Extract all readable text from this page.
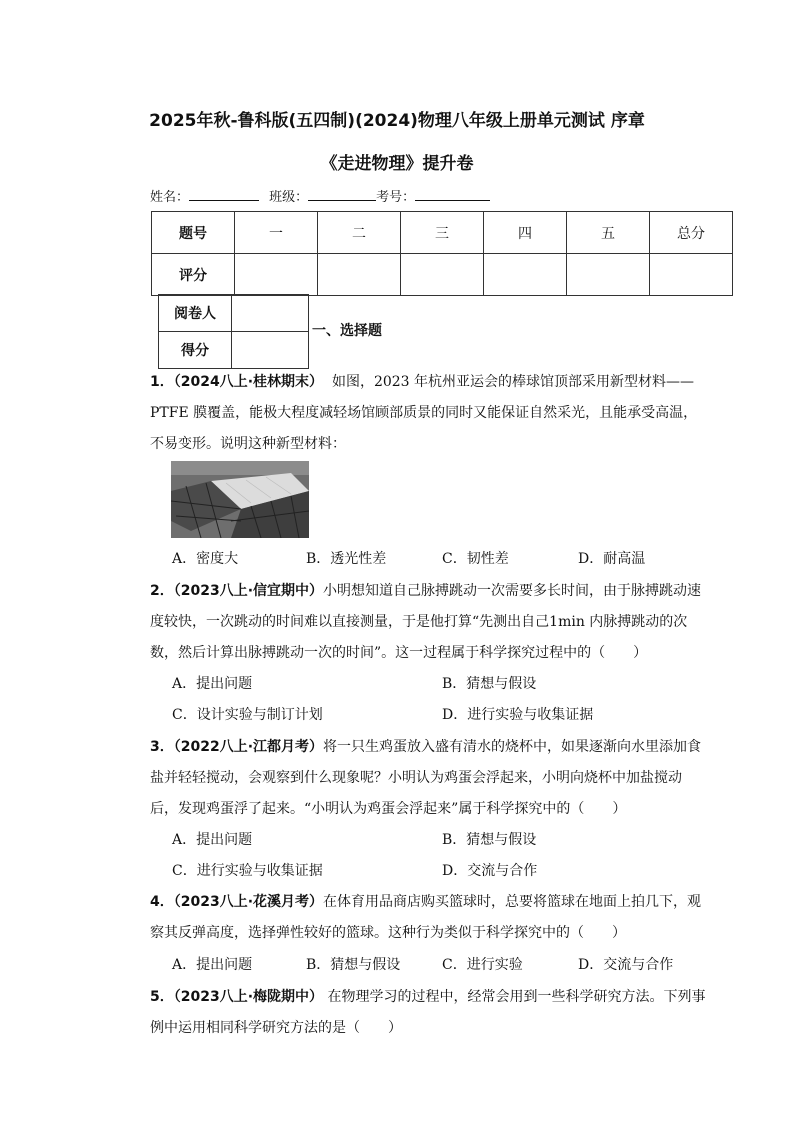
2025年秋-鲁科版(五四制)(2024)物理八年级上册单元测试 序章
《走进物理》提升卷
姓名：	班级：	考号：
题号	一	二	三	四	五	总分
评分						
阅卷人	
得分	
一、选择题
1．（2024八上·桂林期末） 如图，2023 年杭州亚运会的棒球馆顶部采用新型材料——
PTFE 膜覆盖，能极大程度减轻场馆顾部质景的同时又能保证自然采光，且能承受高温，
不易变形。说明这种新型材料：
A．密度大	B．透光性差	C．韧性差	D．耐高温
2．（2023八上·信宜期中）小明想知道自己脉搏跳动一次需要多长时间，由于脉搏跳动速
度较快，一次跳动的时间难以直接测量，于是他打算“先测出自己1min 内脉搏跳动的次
数，然后计算出脉搏跳动一次的时间”。这一过程属于科学探究过程中的（　　）
A．提出问题	B．猜想与假设
C．设计实验与制订计划	D．进行实验与收集证据
3．（2022八上·江都月考）将一只生鸡蛋放入盛有清水的烧杯中，如果逐渐向水里添加食
盐并轻轻搅动，会观察到什么现象呢？小明认为鸡蛋会浮起来，小明向烧杯中加盐搅动
后，发现鸡蛋浮了起来。“小明认为鸡蛋会浮起来”属于科学探究中的（　　）
A．提出问题	B．猜想与假设
C．进行实验与收集证据	D．交流与合作
4．（2023八上·花溪月考）在体育用品商店购买篮球时，总要将篮球在地面上拍几下，观
察其反弹高度，选择弹性较好的篮球。这种行为类似于科学探究中的（　　）
A．提出问题	B．猜想与假设	C．进行实验	D．交流与合作
5．（2023八上·梅陇期中） 在物理学习的过程中，经常会用到一些科学研究方法。下列事
例中运用相同科学研究方法的是（　　）
